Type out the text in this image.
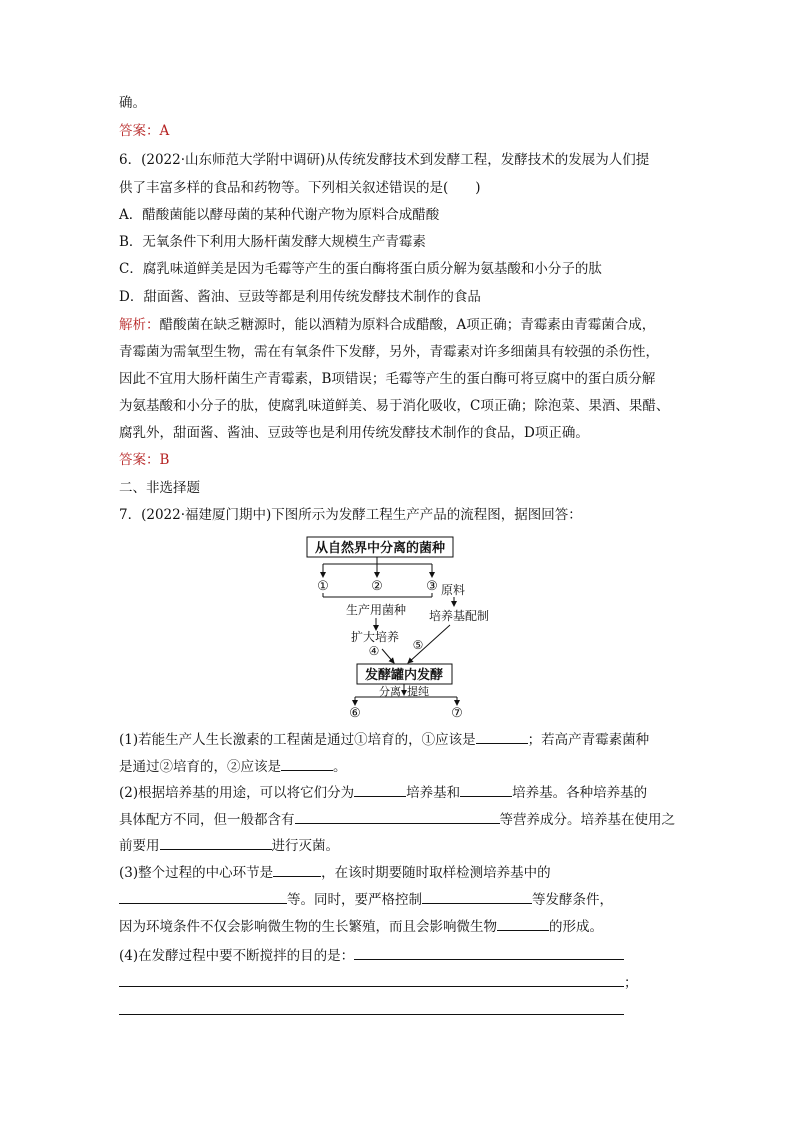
确。
答案：A
6．(2022·山东师范大学附中调研)从传统发酵技术到发酵工程，发酵技术的发展为人们提
供了丰富多样的食品和药物等。下列相关叙述错误的是(　　)
A．醋酸菌能以酵母菌的某种代谢产物为原料合成醋酸
B．无氧条件下利用大肠杆菌发酵大规模生产青霉素
C．腐乳味道鲜美是因为毛霉等产生的蛋白酶将蛋白质分解为氨基酸和小分子的肽
D．甜面酱、酱油、豆豉等都是利用传统发酵技术制作的食品
解析：醋酸菌在缺乏糖源时，能以酒精为原料合成醋酸，A项正确；青霉素由青霉菌合成，
青霉菌为需氧型生物，需在有氧条件下发酵，另外，青霉素对许多细菌具有较强的杀伤性，
因此不宜用大肠杆菌生产青霉素，B项错误；毛霉等产生的蛋白酶可将豆腐中的蛋白质分解
为氨基酸和小分子的肽，使腐乳味道鲜美、易于消化吸收，C项正确；除泡菜、果酒、果醋、
腐乳外，甜面酱、酱油、豆豉等也是利用传统发酵技术制作的食品，D项正确。
答案：B
二、非选择题
7．(2022·福建厦门期中)下图所示为发酵工程生产产品的流程图，据图回答：
从自然界中分离的菌种
①	②	③ 原料
生产用菌种 培养基配制
扩大培养
④	⑤
发酵罐内发酵
分离 提纯
⑥	⑦
(1)若能生产人生长激素的工程菌是通过①培育的，①应该是	；若高产青霉素菌种
是通过②培育的，②应该是	。
(2)根据培养基的用途，可以将它们分为	培养基和	培养基。各种培养基的
具体配方不同，但一般都含有	等营养成分。培养基在使用之
前要用	进行灭菌。
(3)整个过程的中心环节是	，在该时期要随时取样检测培养基中的
等。同时，要严格控制	等发酵条件，
因为环境条件不仅会影响微生物的生长繁殖，而且会影响微生物	的形成。
(4)在发酵过程中要不断搅拌的目的是：
；
